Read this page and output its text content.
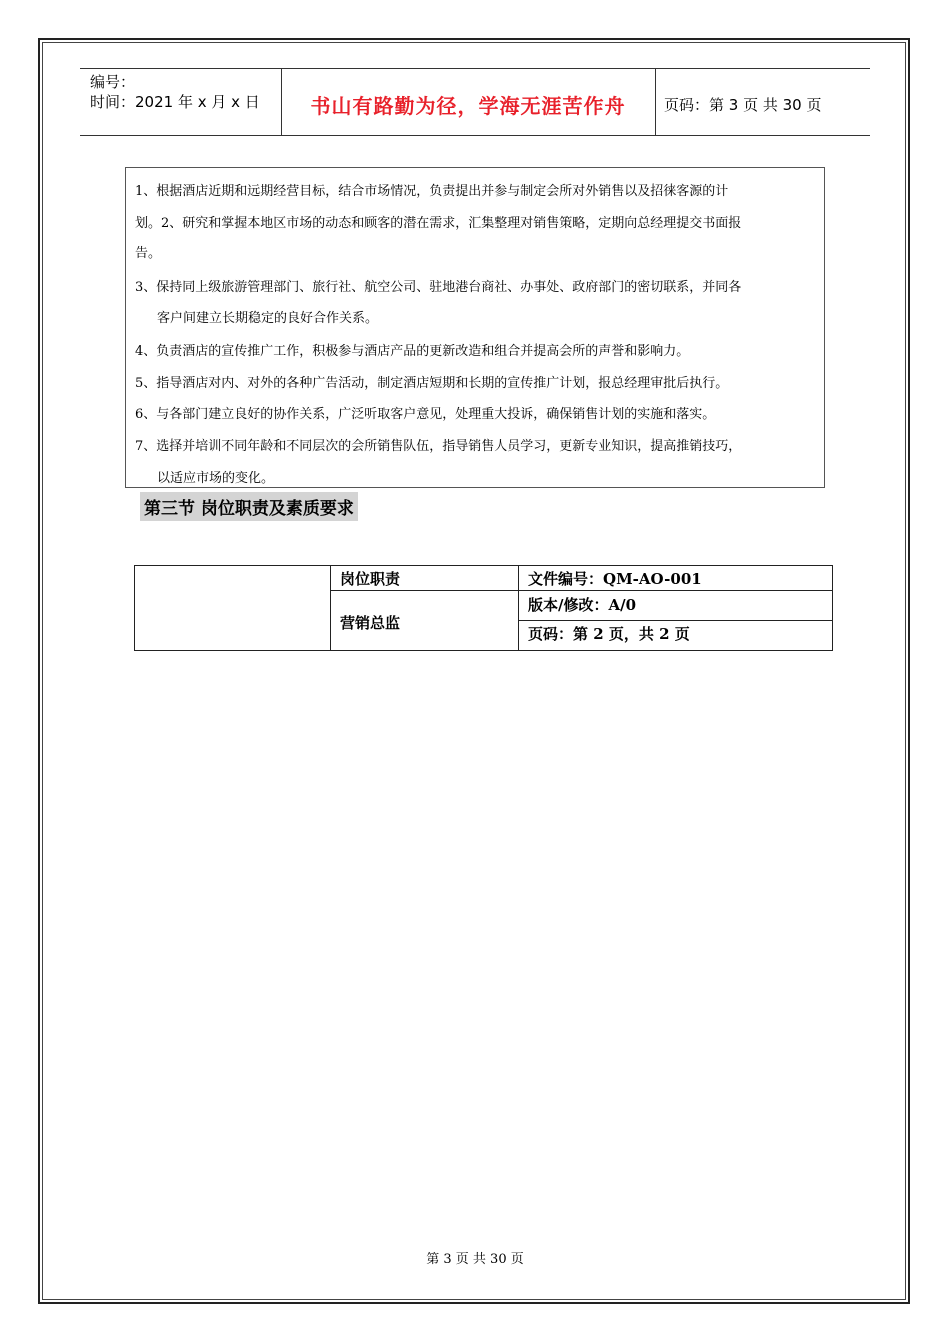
编号：
时间：2021 年 x 月 x 日	书山有路勤为径，学海无涯苦作舟	页码：第 3 页 共 30 页
1、根据酒店近期和远期经营目标，结合市场情况，负责提出并参与制定会所对外销售以及招徕客源的计
划。2、研究和掌握本地区市场的动态和顾客的潜在需求，汇集整理对销售策略，定期向总经理提交书面报
告。
3、保持同上级旅游管理部门、旅行社、航空公司、驻地港台商社、办事处、政府部门的密切联系，并同各
客户间建立长期稳定的良好合作关系。
4、负责酒店的宣传推广工作，积极参与酒店产品的更新改造和组合并提高会所的声誉和影响力。
5、指导酒店对内、对外的各种广告活动，制定酒店短期和长期的宣传推广计划，报总经理审批后执行。
6、与各部门建立良好的协作关系，广泛听取客户意见，处理重大投诉，确保销售计划的实施和落实。
7、选择并培训不同年龄和不同层次的会所销售队伍，指导销售人员学习，更新专业知识，提高推销技巧，
以适应市场的变化。
第三节 岗位职责及素质要求
岗位职责
营销总监
文件编号：QM-AO-001
版本/修改：A/0
页码：第 2 页，共 2 页
第 3 页 共 30 页
